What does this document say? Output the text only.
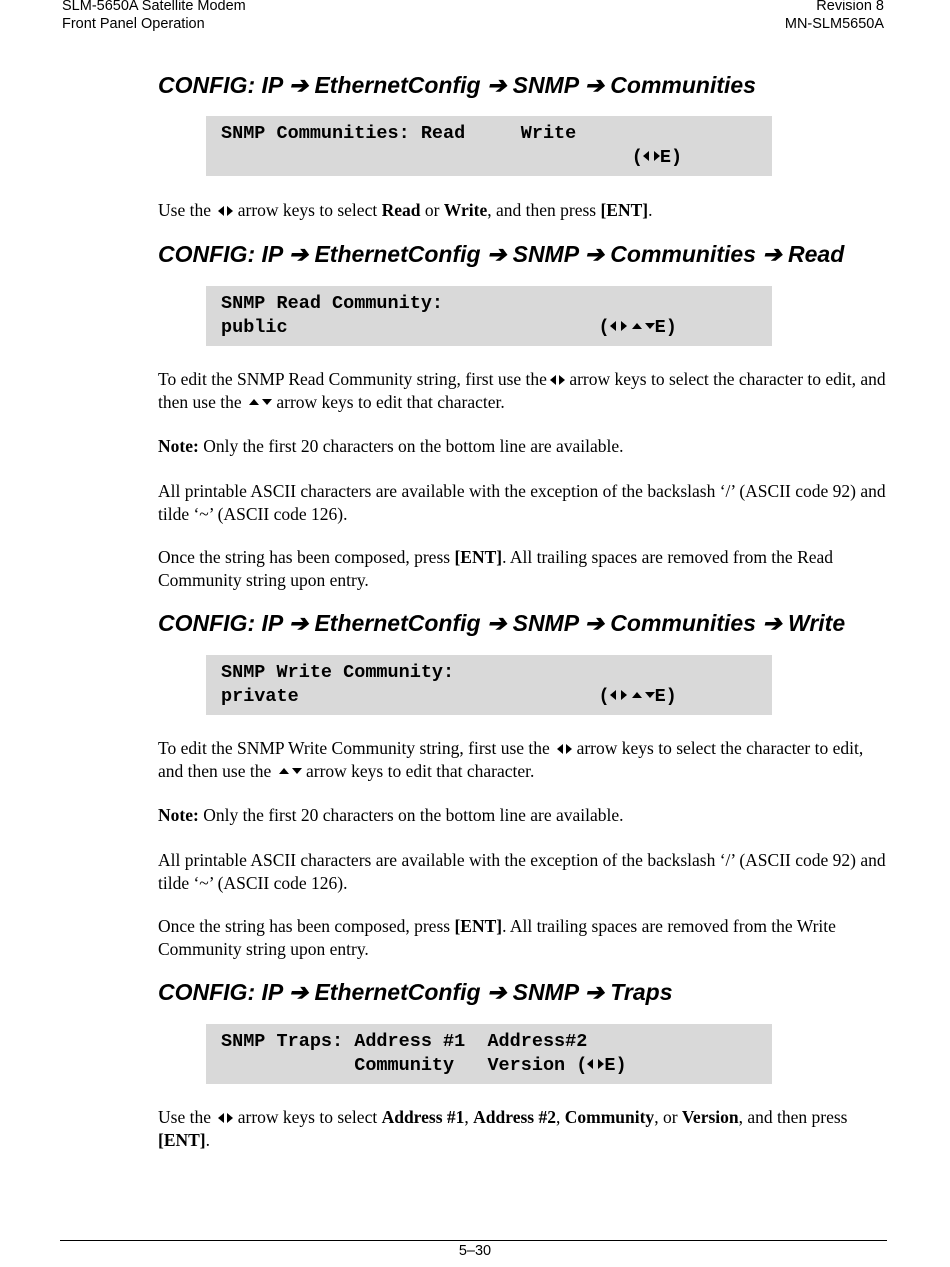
SLM-5650A Satellite Modem
Front Panel Operation
Revision 8
MN-SLM5650A
CONFIG: IP ➔ EthernetConfig ➔ SNMP ➔ Communities
SNMP Communities: Read     Write
( E)
Use the arrow keys to select Read or Write, and then press [ENT].
CONFIG: IP ➔ EthernetConfig ➔ SNMP ➔ Communities ➔ Read
SNMP Read Community:
public	( E)
To edit the SNMP Read Community string, first use the arrow keys to select the character to edit, and then use the arrow keys to edit that character.
Note: Only the first 20 characters on the bottom line are available.
All printable ASCII characters are available with the exception of the backslash ‘/’ (ASCII code 92) and tilde ‘~’ (ASCII code 126).
Once the string has been composed, press [ENT]. All trailing spaces are removed from the Read Community string upon entry.
CONFIG: IP ➔ EthernetConfig ➔ SNMP ➔ Communities ➔ Write
SNMP Write Community:
private	( E)
To edit the SNMP Write Community string, first use the arrow keys to select the character to edit, and then use the arrow keys to edit that character.
Note: Only the first 20 characters on the bottom line are available.
All printable ASCII characters are available with the exception of the backslash ‘/’ (ASCII code 92) and tilde ‘~’ (ASCII code 126).
Once the string has been composed, press [ENT]. All trailing spaces are removed from the Write Community string upon entry.
CONFIG: IP ➔ EthernetConfig ➔ SNMP ➔ Traps
SNMP Traps: Address #1  Address#2
Community   Version ( E)
Use the arrow keys to select Address #1, Address #2, Community, or Version, and then press [ENT].
5–30
